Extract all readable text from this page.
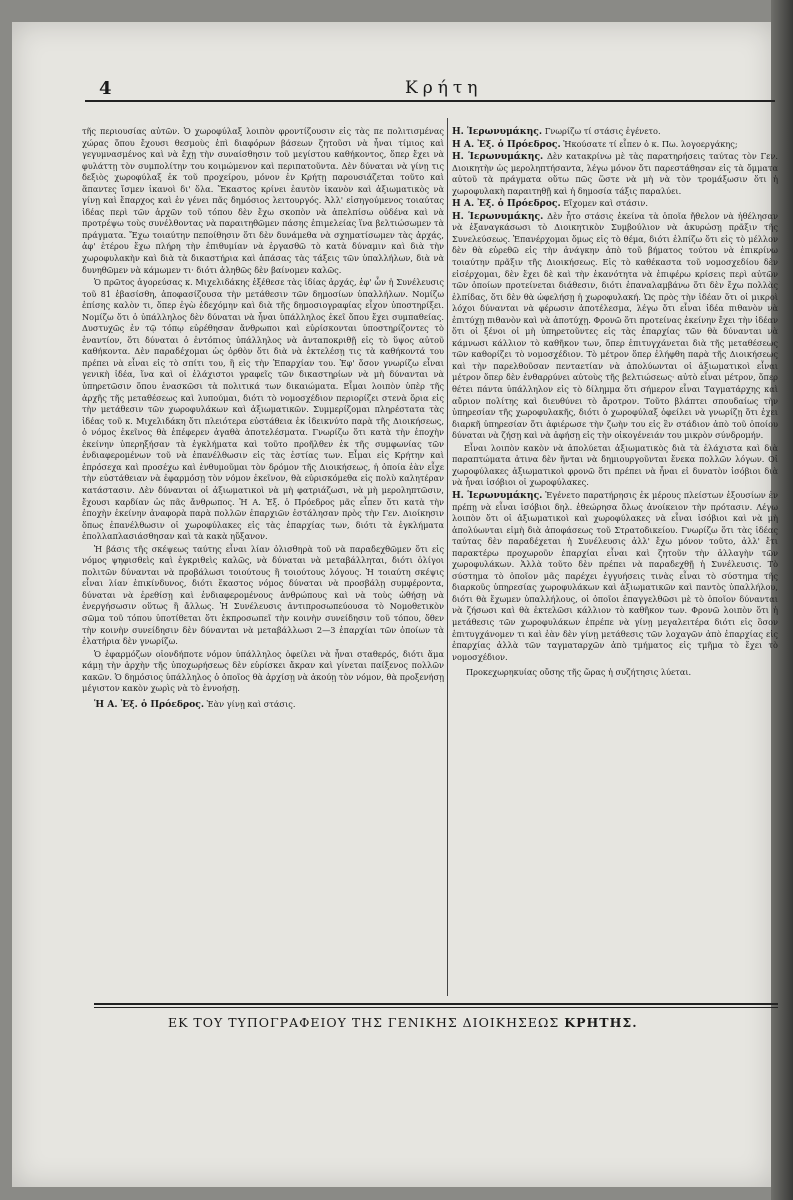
4	Κρήτη

τῆς περιουσίας αὐτῶν. Ὁ χωροφύλαξ λοιπὸν φροντίζουσιν εἰς τὰς πε πολιτισμένας χώρας ὅπου ἔχουσι θεσμοὺς ἐπὶ διαφόρων βάσεων ζητοῦσι νὰ ἦναι τίμιος καὶ γεγυμνασμένος καὶ νὰ ἔχῃ τὴν συναίσθησιν τοῦ μεγίστου καθήκοντος, ὅπερ ἔχει νὰ φυλάττῃ τὸν συμπολίτην του κοιμώμενον καὶ περιπατοῦντα. Δὲν δύναται νὰ γίνῃ τις δεξιὸς χωροφύλαξ ἐκ τοῦ προχείρου, μόνον ἐν Κρήτῃ παρουσιάζεται τοῦτο καὶ ἅπαντες ἴσμεν ἱκανοὶ δι' ὅλα. Ἕκαστος κρίνει ἑαυτὸν ἱκανὸν καὶ ἀξιωματικὸς νὰ γίνῃ καὶ ἔπαρχος καὶ ἐν γένει πᾶς δημόσιος λειτουργός. Ἀλλ' εἰσηγούμενος τοιαύτας ἰδέας περὶ τῶν ἀρχῶν τοῦ τόπου δὲν ἔχω σκοπὸν νὰ ἀπελπίσω οὐδένα καὶ νὰ προτρέψω τοὺς συνέλθοντας νὰ παραιτηθῶμεν πάσης ἐπιμελείας ἵνα βελτιώσωμεν τὰ πράγματα. Ἔχω τοιαύτην πεποίθησιν ὅτι δὲν δυνάμεθα νὰ σχηματίσωμεν τὰς ἀρχάς, ἀφ' ἑτέρου ἔχω πλήρη τὴν ἐπιθυμίαν νὰ ἐργασθῶ τὸ κατὰ δύναμιν καὶ διὰ τὴν χωροφυλακὴν καὶ διὰ τὰ δικαστήρια καὶ ἁπάσας τὰς τάξεις τῶν ὑπαλλήλων, διὰ νὰ δυνηθῶμεν νὰ κάμωμεν τι· διότι ἀληθῶς δὲν βαίνομεν καλῶς.

Ὁ πρῶτος ἀγορεύσας κ. Μιχελιδάκης ἐξέθεσε τὰς ἰδίας ἀρχάς, ἐφ' ὧν ἡ Συνέλευσις τοῦ 81 ἐβασίσθη, ἀποφασίζουσα τὴν μετάθεσιν τῶν δημοσίων ὑπαλλήλων. Νομίζω ἐπίσης καλὸν τι, ὅπερ ἐγὼ ἐδεχόμην καὶ διὰ τῆς δημοσιογραφίας εἶχον ὑποστηρίξει. Νομίζω ὅτι ὁ ὑπάλληλος δὲν δύναται νὰ ἦναι ὑπάλληλος ἐκεῖ ὅπου ἔχει συμπαθείας. Δυστυχῶς ἐν τῷ τόπῳ εὑρέθησαν ἄνθρωποι καὶ εὑρίσκονται ὑποστηρίζοντες τὸ ἐναντίον, ὅτι δύναται ὁ ἐντόπιος ὑπάλληλος νὰ ἀνταποκριθῇ εἰς τὸ ὕψος αὐτοῦ καθήκοντα. Δὲν παραδέχομαι ὡς ὀρθὸν ὅτι διὰ νὰ ἐκτελέσῃ τις τὰ καθήκοντά του πρέπει νὰ εἶναι εἰς τὸ σπίτι του, ἢ εἰς τὴν Ἐπαρχίαν του. Ἐφ' ὅσον γνωρίζω εἶναι γενικὴ ἰδέα, ἵνα καὶ οἱ ἐλάχιστοι γραφεῖς τῶν δικαστηρίων νὰ μὴ δύνανται νὰ ὑπηρετῶσιν ὅπου ἐνασκῶσι τὰ πολιτικά των δικαιώματα. Εἶμαι λοιπὸν ὑπὲρ τῆς ἀρχῆς τῆς μεταθέσεως καὶ λυπούμαι, διότι τὸ νομοσχέδιον περιορίζει στενὰ ὅρια εἰς τὴν μετάθεσιν τῶν χωροφυλάκων καὶ ἀξιωματικῶν. Συμμερίζομαι πληρέστατα τὰς ἰδέας τοῦ κ. Μιχελιδάκη ὅτι πλειότερα εὐστάθεια ἐκ ἰδεικνύτο παρὰ τῆς Διοικήσεως, ὁ νόμος ἐκεῖνος θὰ ἐπέφερεν ἀγαθὰ ἀποτελέσματα. Γνωρίζω ὅτι κατὰ τὴν ἐποχὴν ἐκείνην ὑπερηξήσαν τὰ ἐγκλήματα καὶ τοῦτο προῆλθεν ἐκ τῆς συμφωνίας τῶν ἐνδιαφερομένων τοῦ νὰ ἐπανέλθωσιν εἰς τὰς ἑστίας των. Εἶμαι εἰς Κρήτην καὶ ἐπρόσεχα καὶ προσέχω καὶ ἐνθυμοῦμαι τὸν δρόμον τῆς Διοικήσεως, ἡ ὁποία ἐὰν εἶχε τὴν εὐστάθειαν νὰ ἐφαρμόσῃ τὸν νόμον ἐκεῖνον, θὰ εὑρισκόμεθα εἰς πολὺ καλητέραν κατάστασιν. Δὲν δύνανται οἱ ἀξιωματικοὶ νὰ μὴ φατριάζωσι, νὰ μὴ μεροληπτῶσιν, ἔχουσι καρδίαν ὡς πᾶς ἄνθρωπος. Ἡ Α. Ἐξ. ὁ Πρόεδρος μᾶς εἶπεν ὅτι κατὰ τὴν ἐποχὴν ἐκείνην ἀναφορὰ παρὰ πολλῶν ἐπαρχιῶν ἐστάλησαν πρὸς τὴν Γεν. Διοίκησιν ὅπως ἐπανέλθωσιν οἱ χωροφύλακες εἰς τὰς ἐπαρχίας των, διότι τὰ ἐγκλήματα ἐπολλαπλασιάσθησαν καὶ τὰ κακὰ ηὔξανον.

Ἡ βάσις τῆς σκέψεως ταύτης εἶναι λίαν ὀλισθηρὰ τοῦ νὰ παραδεχθῶμεν ὅτι εἰς νόμος ψηφισθεὶς καὶ ἐγκριθεὶς καλῶς, νὰ δύναται νὰ μεταβάλληται, διότι ὀλίγοι πολιτῶν δύνανται νὰ προβάλωσι τοιούτους ἢ τοιούτους λόγους. Ἡ τοιαύτη σκέψις εἶναι λίαν ἐπικίνδυνος, διότι ἕκαστος νόμος δύναται νὰ προσβάλῃ συμφέροντα, δύναται νὰ ἐρεθίσῃ καὶ ἐνδιαφερομένους ἀνθρώπους καὶ νὰ τοὺς ὠθήσῃ νὰ ἐνεργήσωσιν οὕτως ἢ ἄλλως. Ἡ Συνέλευσις ἀντιπροσωπεύουσα τὸ Νομοθετικὸν σῶμα τοῦ τόπου ὑποτίθεται ὅτι ἐκπροσωπεῖ τὴν κοινὴν συνείδησιν τοῦ τόπου, ὅθεν τὴν κοινὴν συνείδησιν δὲν δύνανται νὰ μεταβάλλωσι 2—3 ἐπαρχίαι τῶν ὁποίων τὰ ἐλατήρια δὲν γνωρίζω.

Ὁ ἐφαρμόζων οἱονδήποτε νόμον ὑπάλληλος ὀφείλει νὰ ἦναι σταθερός, διότι ἅμα κάμῃ τὴν ἀρχὴν τῆς ὑποχωρήσεως δὲν εὑρίσκει ἄκραν καὶ γίνεται παίξενος πολλῶν κακῶν. Ὁ δημόσιος ὑπάλληλος ὁ ὁποῖος θὰ ἀρχίσῃ νὰ ἀκούῃ τὸν νόμον, θὰ προξενήσῃ μέγιστον κακὸν χωρὶς νὰ τὸ ἐννοήσῃ.

Ἡ Α. Ἐξ. ὁ Πρόεδρος. Ἐὰν γίνῃ καὶ στάσις.

Η. Ἱερωνυμάκης. Γνωρίζω τί στάσις ἐγένετο.

Η Α. Ἐξ. ὁ Πρόεδρος. Ἠκούσατε τί εἶπεν ὁ κ. Πω. λογοεργάκης;

Η. Ἱερωνυμάκης. Δὲν κατακρίνω μὲ τὰς παρατηρήσεις ταύτας τὸν Γεν. Διοικητὴν ὡς μεροληπτήσαντα, λέγω μόνον ὅτι παρεστάθησαν εἰς τὰ ὄμματα αὐτοῦ τὰ πράγματα οὕτω πῶς ὥστε νὰ μὴ νὰ τὸν τρομάξωσιν ὅτι ἡ χωροφυλακὴ παραιτηθῇ καὶ ἡ δημοσία τάξις παραλύει.

Η Α. Ἐξ. ὁ Πρόεδρος. Εἴχομεν καὶ στάσιν.

Η. Ἱερωνυμάκης. Δὲν ἦτο στάσις ἐκείνα τὰ ὁποῖα ἤθελον νὰ ἠθέλησαν νὰ ἐξαναγκάσωσι τὸ Διοικητικὸν Συμβούλιον νὰ ἀκυρώσῃ πρᾶξιν τῆς Συνελεύσεως. Ἐπανέρχομαι ὅμως εἰς τὸ θέμα, διότι ἐλπίζω ὅτι εἰς τὸ μέλλον δὲν θὰ εὑρεθῶ εἰς τὴν ἀνάγκην ἀπὸ τοῦ βήματος τούτου νὰ ἐπικρίνω τοιαύτην πρᾶξιν τῆς Διοικήσεως. Εἰς τὸ καθέκαστα τοῦ νομοσχεδίου δὲν εἰσέρχομαι, δὲν ἔχει δὲ καὶ τὴν ἐκανότητα νὰ ἐπιφέρω κρίσεις περὶ αὐτῶν τῶν ὁποίων προτείνεται διάθεσιν, διότι ἐπαναλαμβάνω ὅτι δὲν ἔχω πολλὰς ἐλπίδας, ὅτι δὲν θὰ ὠφελήσῃ ἡ χωροφυλακή. Ὡς πρὸς τὴν ἰδέαν ὅτι οἱ μικροὶ λόχοι δύνανται νὰ φέρωσιν ἀποτέλεσμα, λέγω ὅτι εἶναι ἰδέα πιθανὸν νὰ ἐπιτύχῃ πιθανὸν καὶ νὰ ἀποτύχῃ. Φρονῶ ὅτι προτείνας ἐκείνην ἔχει τὴν ἰδέαν ὅτι οἱ ξένοι οἱ μὴ ὑπηρετοῦντες εἰς τὰς ἐπαρχίας τῶν θὰ δύνανται νὰ κάμνωσι κάλλιον τὸ καθῆκον των, ὅπερ ἐπιτυγχάνεται διὰ τῆς μεταθέσεως τῶν καθορίζει τὸ νομοσχέδιον. Τὸ μέτρον ὅπερ ἐλήφθη παρὰ τῆς Διοικήσεως καὶ τὴν παρελθοῦσαν πενταετίαν νὰ ἀπολύωνται οἱ ἀξιωματικοὶ εἶναι μέτρον ὅπερ δὲν ἐνθαρρύνει αὐτοὺς τῆς βελτιώσεως· αὐτὸ εἶναι μέτρον, ὅπερ θέτει πάντα ὑπάλληλον εἰς τὸ δίλημμα ὅτι σήμερον εἶναι Ταγματάρχης καὶ αὔριον πολίτης καὶ διευθύνει τὸ ἄροτρον. Τοῦτο βλάπτει σπουδαίως τὴν ὑπηρεσίαν τῆς χωροφυλακῆς, διότι ὁ χωροφύλαξ ὀφείλει νὰ γνωρίζῃ ὅτι ἐχει διαρκῆ ὑπηρεσίαν ὅτι ἀφιέρωσε τὴν ζωὴν του εἰς ἓν στάδιον ἀπὸ τοῦ ὁποίου δύναται νὰ ζήσῃ καὶ νὰ ἀφήσῃ εἰς τὴν οἰκογένειάν του μικρὸν σύνδρομήν.

Εἶναι λοιπὸν κακὸν νὰ ἀπολύεται ἀξιωματικὸς διὰ τὰ ἐλάχιστα καὶ διὰ παραπτώματα ἀτινα δὲν ἤνται νὰ δημιουργοῦνται ἕνεκα πολλῶν λόγων. Οἱ χωροφύλακες ἀξιωματικοὶ φρονῶ ὅτι πρέπει νὰ ἦναι εἰ δυνατὸν ἰσόβιοι διὰ νὰ ἦναι ἰσόβιοι οἱ χωροφύλακες.

Η. Ἱερωνυμάκης. Ἐγένετο παρατήρησις ἐκ μέρους πλείστων ἐξουσίων ἐν πρέπῃ νὰ εἶναι ἰσόβιοι δηλ. ἐθεώρησα ὅλως ἀνοίκειον τὴν πρότασιν. Λέγω λοιπὸν ὅτι οἱ ἀξιωματικοὶ καὶ χωροφύλακες νὰ εἶναι ἰσόβιοι καὶ νὰ μὴ ἀπολύωνται εἰμὴ διὰ ἀποφάσεως τοῦ Στρατοδικείου. Γνωρίζω ὅτι τὰς ἰδέας ταύτας δὲν παραδέχεται ἡ Συνέλευσις ἀλλ' ἔχω μόνον τοῦτο, ἀλλ' ἔτι παρακτέρω προχωροῦν ἐπαρχίαι εἶναι καὶ ζητοῦν τὴν ἀλλαγὴν τῶν χωροφυλάκων. Ἀλλὰ τοῦτο δὲν πρέπει νὰ παραδεχθῇ ἡ Συνέλευσις. Τὸ σύστημα τὸ ὁποῖον μᾶς παρέχει ἐγγυήσεις τινὰς εἶναι τὸ σύστημα τῆς διαρκοῦς ὑπηρεσίας χωροφυλάκων καὶ ἀξιωματικῶν καὶ παντὸς ὑπαλλήλου, διότι θὰ ἔχωμεν ὑπαλλήλους, οἱ ὁποῖοι ἐπαγγελθῶσι μὲ τὸ ὁποῖον δύνανται νὰ ζήσωσι καὶ θὰ ἐκτελῶσι κάλλιον τὸ καθῆκον των. Φρονῶ λοιπὸν ὅτι ἡ μετάθεσις τῶν χωροφυλάκων ἐπρέπε νὰ γίνῃ μεγαλειτέρα διότι εἰς ὃσον ἐπιτυγχάνομεν τι καὶ ἐὰν δὲν γίνῃ μετάθεσις τῶν λοχαγῶν ἀπὸ ἐπαρχίας εἰς ἐπαρχίας ἀλλὰ τῶν ταγματαρχῶν ἀπὸ τμήματος εἰς τμῆμα τὸ ἔχει τὸ νομοσχέδιον.

Προκεχωρηκυίας οὔσης τῆς ὥρας ἡ συζήτησις λύεται.

ΕΚ ΤΟΥ ΤΥΠΟΓΡΑΦΕΙΟΥ ΤΗΣ ΓΕΝΙΚΗΣ ΔΙΟΙΚΗΣΕΩΣ ΚΡΗΤΗΣ.
